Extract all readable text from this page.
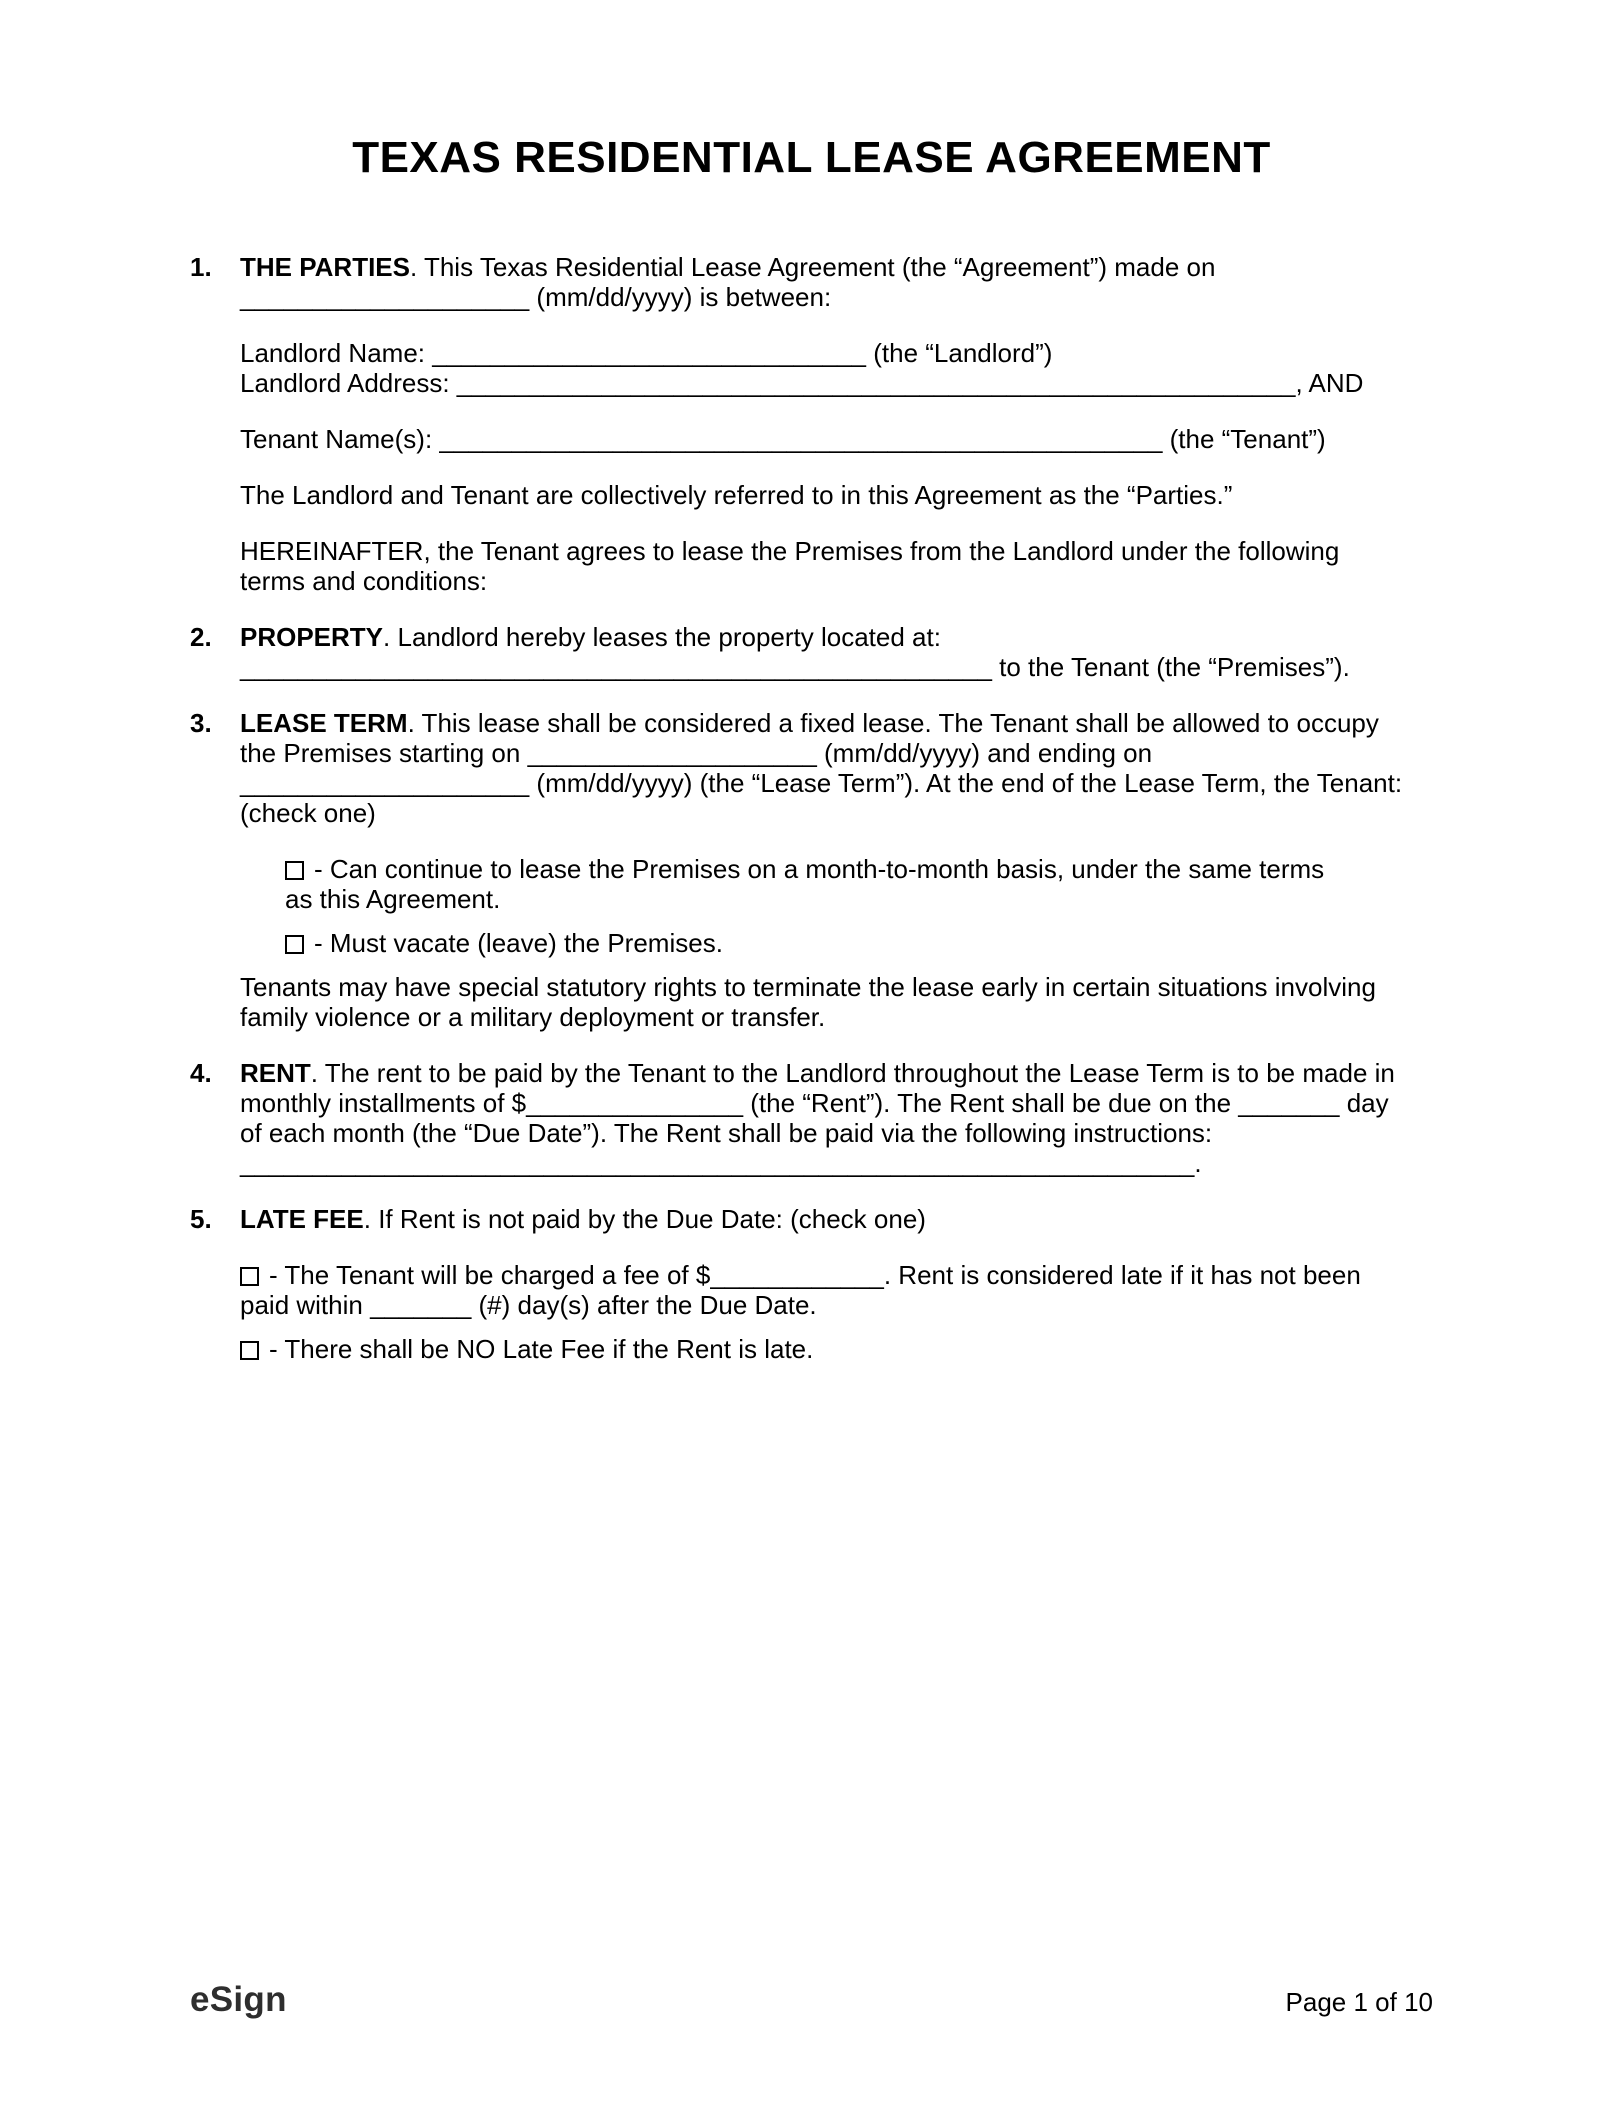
TEXAS RESIDENTIAL LEASE AGREEMENT
1.	THE PARTIES. This Texas Residential Lease Agreement (the “Agreement”) made on ____________________ (mm/dd/yyyy) is between:

Landlord Name: ______________________________ (the “Landlord”)
Landlord Address: __________________________________________________________, AND

Tenant Name(s): __________________________________________________ (the “Tenant”)

The Landlord and Tenant are collectively referred to in this Agreement as the “Parties.”

HEREINAFTER, the Tenant agrees to lease the Premises from the Landlord under the following terms and conditions:

2.	PROPERTY. Landlord hereby leases the property located at: ____________________________________________________ to the Tenant (the “Premises”).

3.	LEASE TERM. This lease shall be considered a fixed lease. The Tenant shall be allowed to occupy the Premises starting on ____________________ (mm/dd/yyyy) and ending on ____________________ (mm/dd/yyyy) (the “Lease Term”). At the end of the Lease Term, the Tenant: (check one)

- Can continue to lease the Premises on a month-to-month basis, under the same terms as this Agreement.

- Must vacate (leave) the Premises.

Tenants may have special statutory rights to terminate the lease early in certain situations involving family violence or a military deployment or transfer.

4.	RENT. The rent to be paid by the Tenant to the Landlord throughout the Lease Term is to be made in monthly installments of $_______________ (the “Rent”). The Rent shall be due on the _______ day of each month (the “Due Date”). The Rent shall be paid via the following instructions: __________________________________________________________________.

5.	LATE FEE. If Rent is not paid by the Due Date: (check one)

- The Tenant will be charged a fee of $____________. Rent is considered late if it has not been paid within _______ (#) day(s) after the Due Date.

- There shall be NO Late Fee if the Rent is late.

eSign	Page 1 of 10
